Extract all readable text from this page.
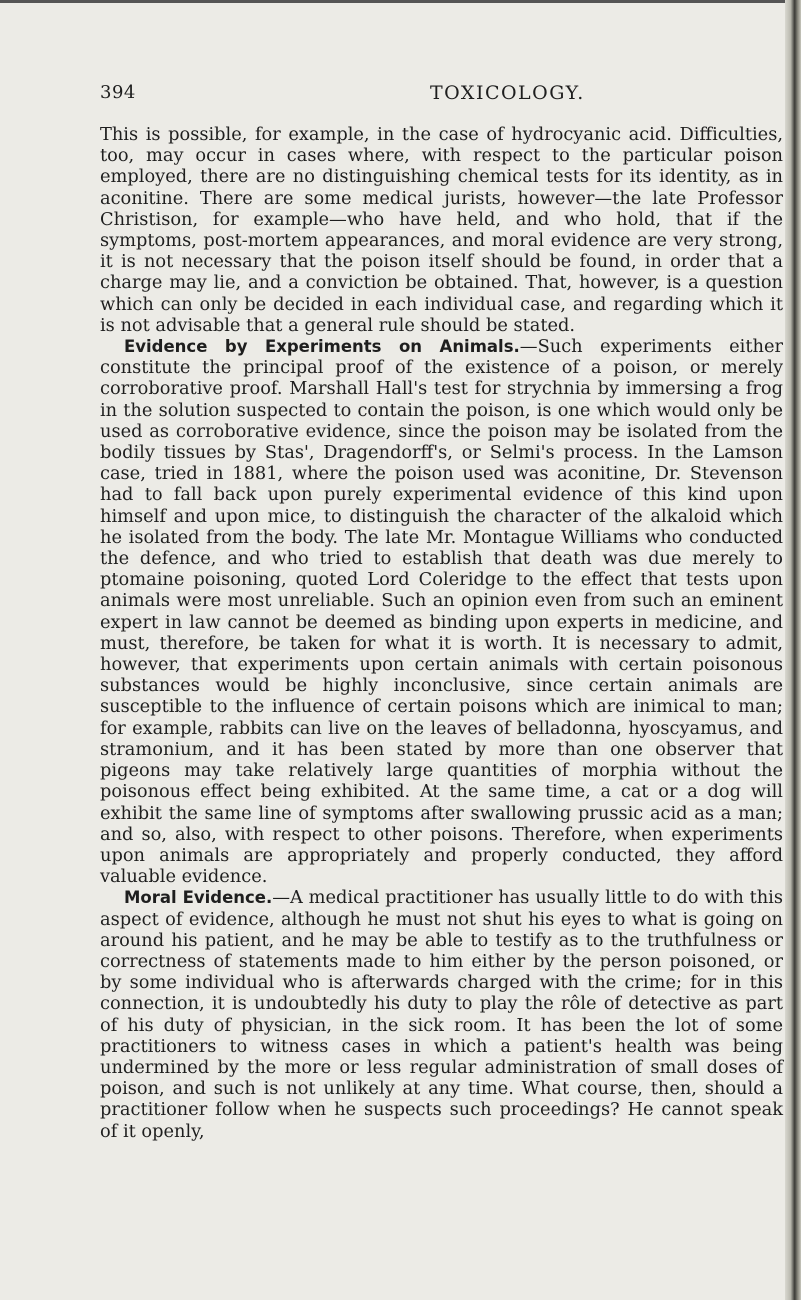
394	TOXICOLOGY.

This is possible, for example, in the case of hydrocyanic acid. Difficulties, too, may occur in cases where, with respect to the particular poison employed, there are no distinguishing chemical tests for its identity, as in aconitine. There are some medical jurists, however—the late Professor Christison, for example—who have held, and who hold, that if the symptoms, post-mortem appearances, and moral evidence are very strong, it is not necessary that the poison itself should be found, in order that a charge may lie, and a conviction be obtained. That, however, is a question which can only be decided in each individual case, and regarding which it is not advisable that a general rule should be stated.

Evidence by Experiments on Animals.—Such experiments either constitute the principal proof of the existence of a poison, or merely corroborative proof. Marshall Hall's test for strychnia by immersing a frog in the solution suspected to contain the poison, is one which would only be used as corroborative evidence, since the poison may be isolated from the bodily tissues by Stas', Dragendorff's, or Selmi's process. In the Lamson case, tried in 1881, where the poison used was aconitine, Dr. Stevenson had to fall back upon purely experimental evidence of this kind upon himself and upon mice, to distinguish the character of the alkaloid which he isolated from the body. The late Mr. Montague Williams who conducted the defence, and who tried to establish that death was due merely to ptomaine poisoning, quoted Lord Coleridge to the effect that tests upon animals were most unreliable. Such an opinion even from such an eminent expert in law cannot be deemed as binding upon experts in medicine, and must, therefore, be taken for what it is worth. It is necessary to admit, however, that experiments upon certain animals with certain poisonous substances would be highly inconclusive, since certain animals are susceptible to the influence of certain poisons which are inimical to man; for example, rabbits can live on the leaves of belladonna, hyoscyamus, and stramonium, and it has been stated by more than one observer that pigeons may take relatively large quantities of morphia without the poisonous effect being exhibited. At the same time, a cat or a dog will exhibit the same line of symptoms after swallowing prussic acid as a man; and so, also, with respect to other poisons. Therefore, when experiments upon animals are appropriately and properly conducted, they afford valuable evidence.

Moral Evidence.—A medical practitioner has usually little to do with this aspect of evidence, although he must not shut his eyes to what is going on around his patient, and he may be able to testify as to the truthfulness or correctness of statements made to him either by the person poisoned, or by some individual who is afterwards charged with the crime; for in this connection, it is undoubtedly his duty to play the rôle of detective as part of his duty of physician, in the sick room. It has been the lot of some practitioners to witness cases in which a patient's health was being undermined by the more or less regular administration of small doses of poison, and such is not unlikely at any time. What course, then, should a practitioner follow when he suspects such proceedings? He cannot speak of it openly,
